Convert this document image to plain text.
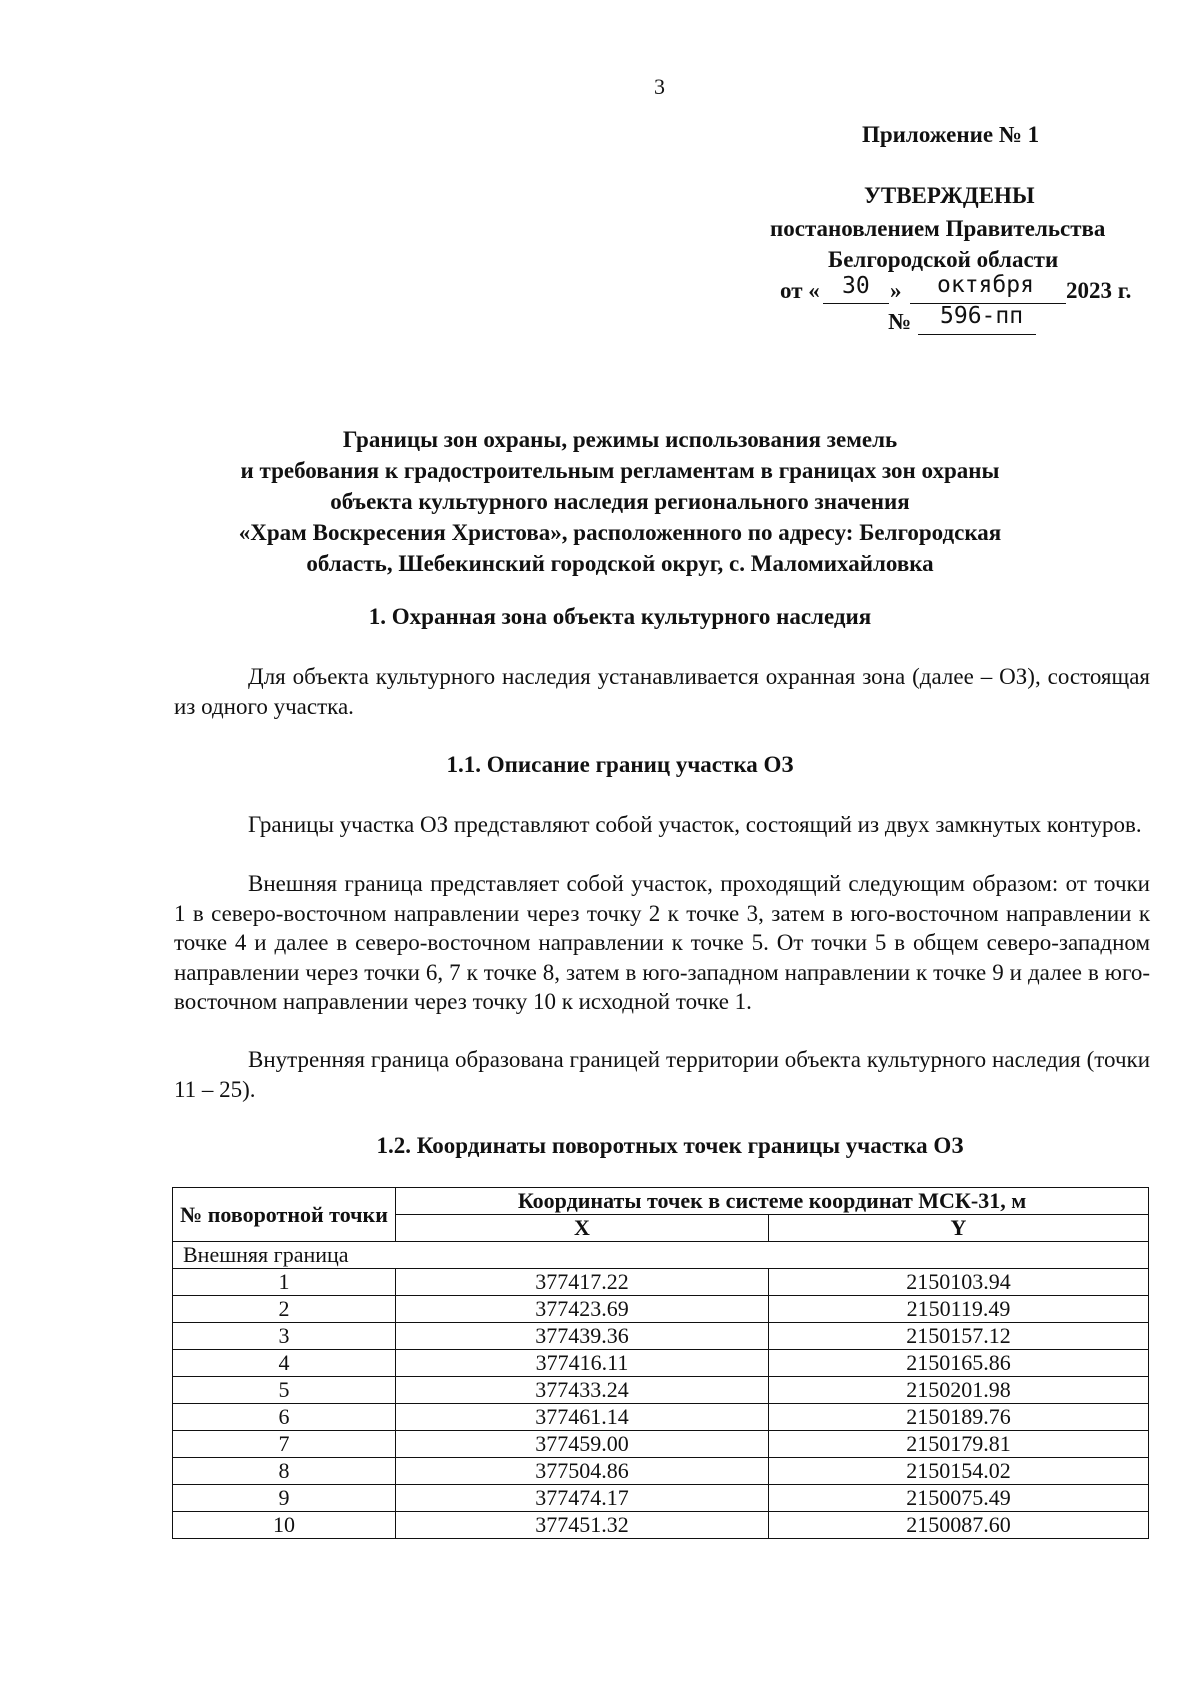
3
Приложение № 1
УТВЕРЖДЕНЫ
постановлением Правительства
Белгородской области
от « 30 » октября 2023 г.
№ 596-пп
Границы зон охраны, режимы использования земель
и требования к градостроительным регламентам в границах зон охраны
объекта культурного наследия регионального значения
«Храм Воскресения Христова», расположенного по адресу: Белгородская
область, Шебекинский городской округ, с. Маломихайловка
1. Охранная зона объекта культурного наследия
Для объекта культурного наследия устанавливается охранная зона (далее – ОЗ), состоящая из одного участка.
1.1. Описание границ участка ОЗ
Границы участка ОЗ представляют собой участок, состоящий из двух замкнутых контуров.
Внешняя граница представляет собой участок, проходящий следующим образом: от точки 1 в северо-восточном направлении через точку 2 к точке 3, затем в юго-восточном направлении к точке 4 и далее в северо-восточном направлении к точке 5. От точки 5 в общем северо-западном направлении через точки 6, 7 к точке 8, затем в юго-западном направлении к точке 9 и далее в юго-восточном направлении через точку 10 к исходной точке 1.
Внутренняя граница образована границей территории объекта культурного наследия (точки 11 – 25).
1.2. Координаты поворотных точек границы участка ОЗ
№ поворотной точки	Координаты точек в системе координат МСК-31, м	
	X	Y
Внешняя граница		
1	377417.22	2150103.94
2	377423.69	2150119.49
3	377439.36	2150157.12
4	377416.11	2150165.86
5	377433.24	2150201.98
6	377461.14	2150189.76
7	377459.00	2150179.81
8	377504.86	2150154.02
9	377474.17	2150075.49
10	377451.32	2150087.60
